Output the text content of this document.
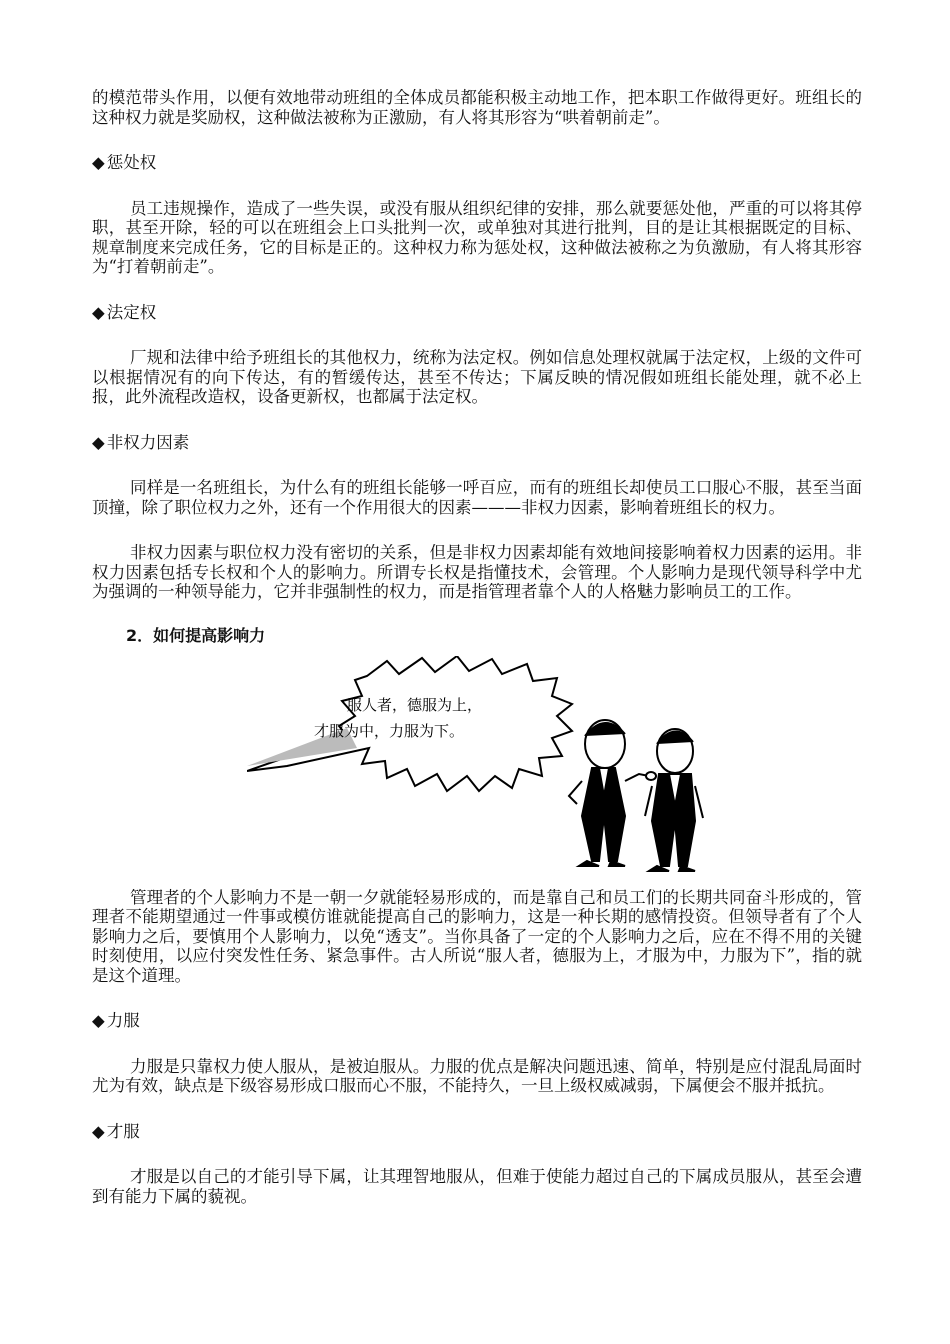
的模范带头作用，以便有效地带动班组的全体成员都能积极主动地工作，把本职工作做得更好。班组长的这种权力就是奖励权，这种做法被称为正激励，有人将其形容为“哄着朝前走”。

◆ 惩处权

员工违规操作，造成了一些失误，或没有服从组织纪律的安排，那么就要惩处他，严重的可以将其停职，甚至开除，轻的可以在班组会上口头批判一次，或单独对其进行批判，目的是让其根据既定的目标、规章制度来完成任务，它的目标是正的。这种权力称为惩处权，这种做法被称之为负激励，有人将其形容为“打着朝前走”。

◆ 法定权

厂规和法律中给予班组长的其他权力，统称为法定权。例如信息处理权就属于法定权，上级的文件可以根据情况有的向下传达，有的暂缓传达，甚至不传达；下属反映的情况假如班组长能处理，就不必上报，此外流程改造权，设备更新权，也都属于法定权。

◆ 非权力因素

同样是一名班组长，为什么有的班组长能够一呼百应，而有的班组长却使员工口服心不服，甚至当面顶撞，除了职位权力之外，还有一个作用很大的因素———非权力因素，影响着班组长的权力。

非权力因素与职位权力没有密切的关系，但是非权力因素却能有效地间接影响着权力因素的运用。非权力因素包括专长权和个人的影响力。所谓专长权是指懂技术，会管理。个人影响力是现代领导科学中尤为强调的一种领导能力，它并非强制性的权力，而是指管理者靠个人的人格魅力影响员工的工作。

2．如何提高影响力
服人者，德服为上，
才服为中，力服为下。

管理者的个人影响力不是一朝一夕就能轻易形成的，而是靠自己和员工们的长期共同奋斗形成的，管理者不能期望通过一件事或模仿谁就能提高自己的影响力，这是一种长期的感情投资。但领导者有了个人影响力之后，要慎用个人影响力，以免“透支”。当你具备了一定的个人影响力之后，应在不得不用的关键时刻使用，以应付突发性任务、紧急事件。古人所说“服人者，德服为上，才服为中，力服为下”，指的就是这个道理。

◆ 力服

力服是只靠权力使人服从，是被迫服从。力服的优点是解决问题迅速、简单，特别是应付混乱局面时尤为有效，缺点是下级容易形成口服而心不服，不能持久，一旦上级权威减弱，下属便会不服并抵抗。

◆ 才服

才服是以自己的才能引导下属，让其理智地服从，但难于使能力超过自己的下属成员服从，甚至会遭到有能力下属的藐视。
